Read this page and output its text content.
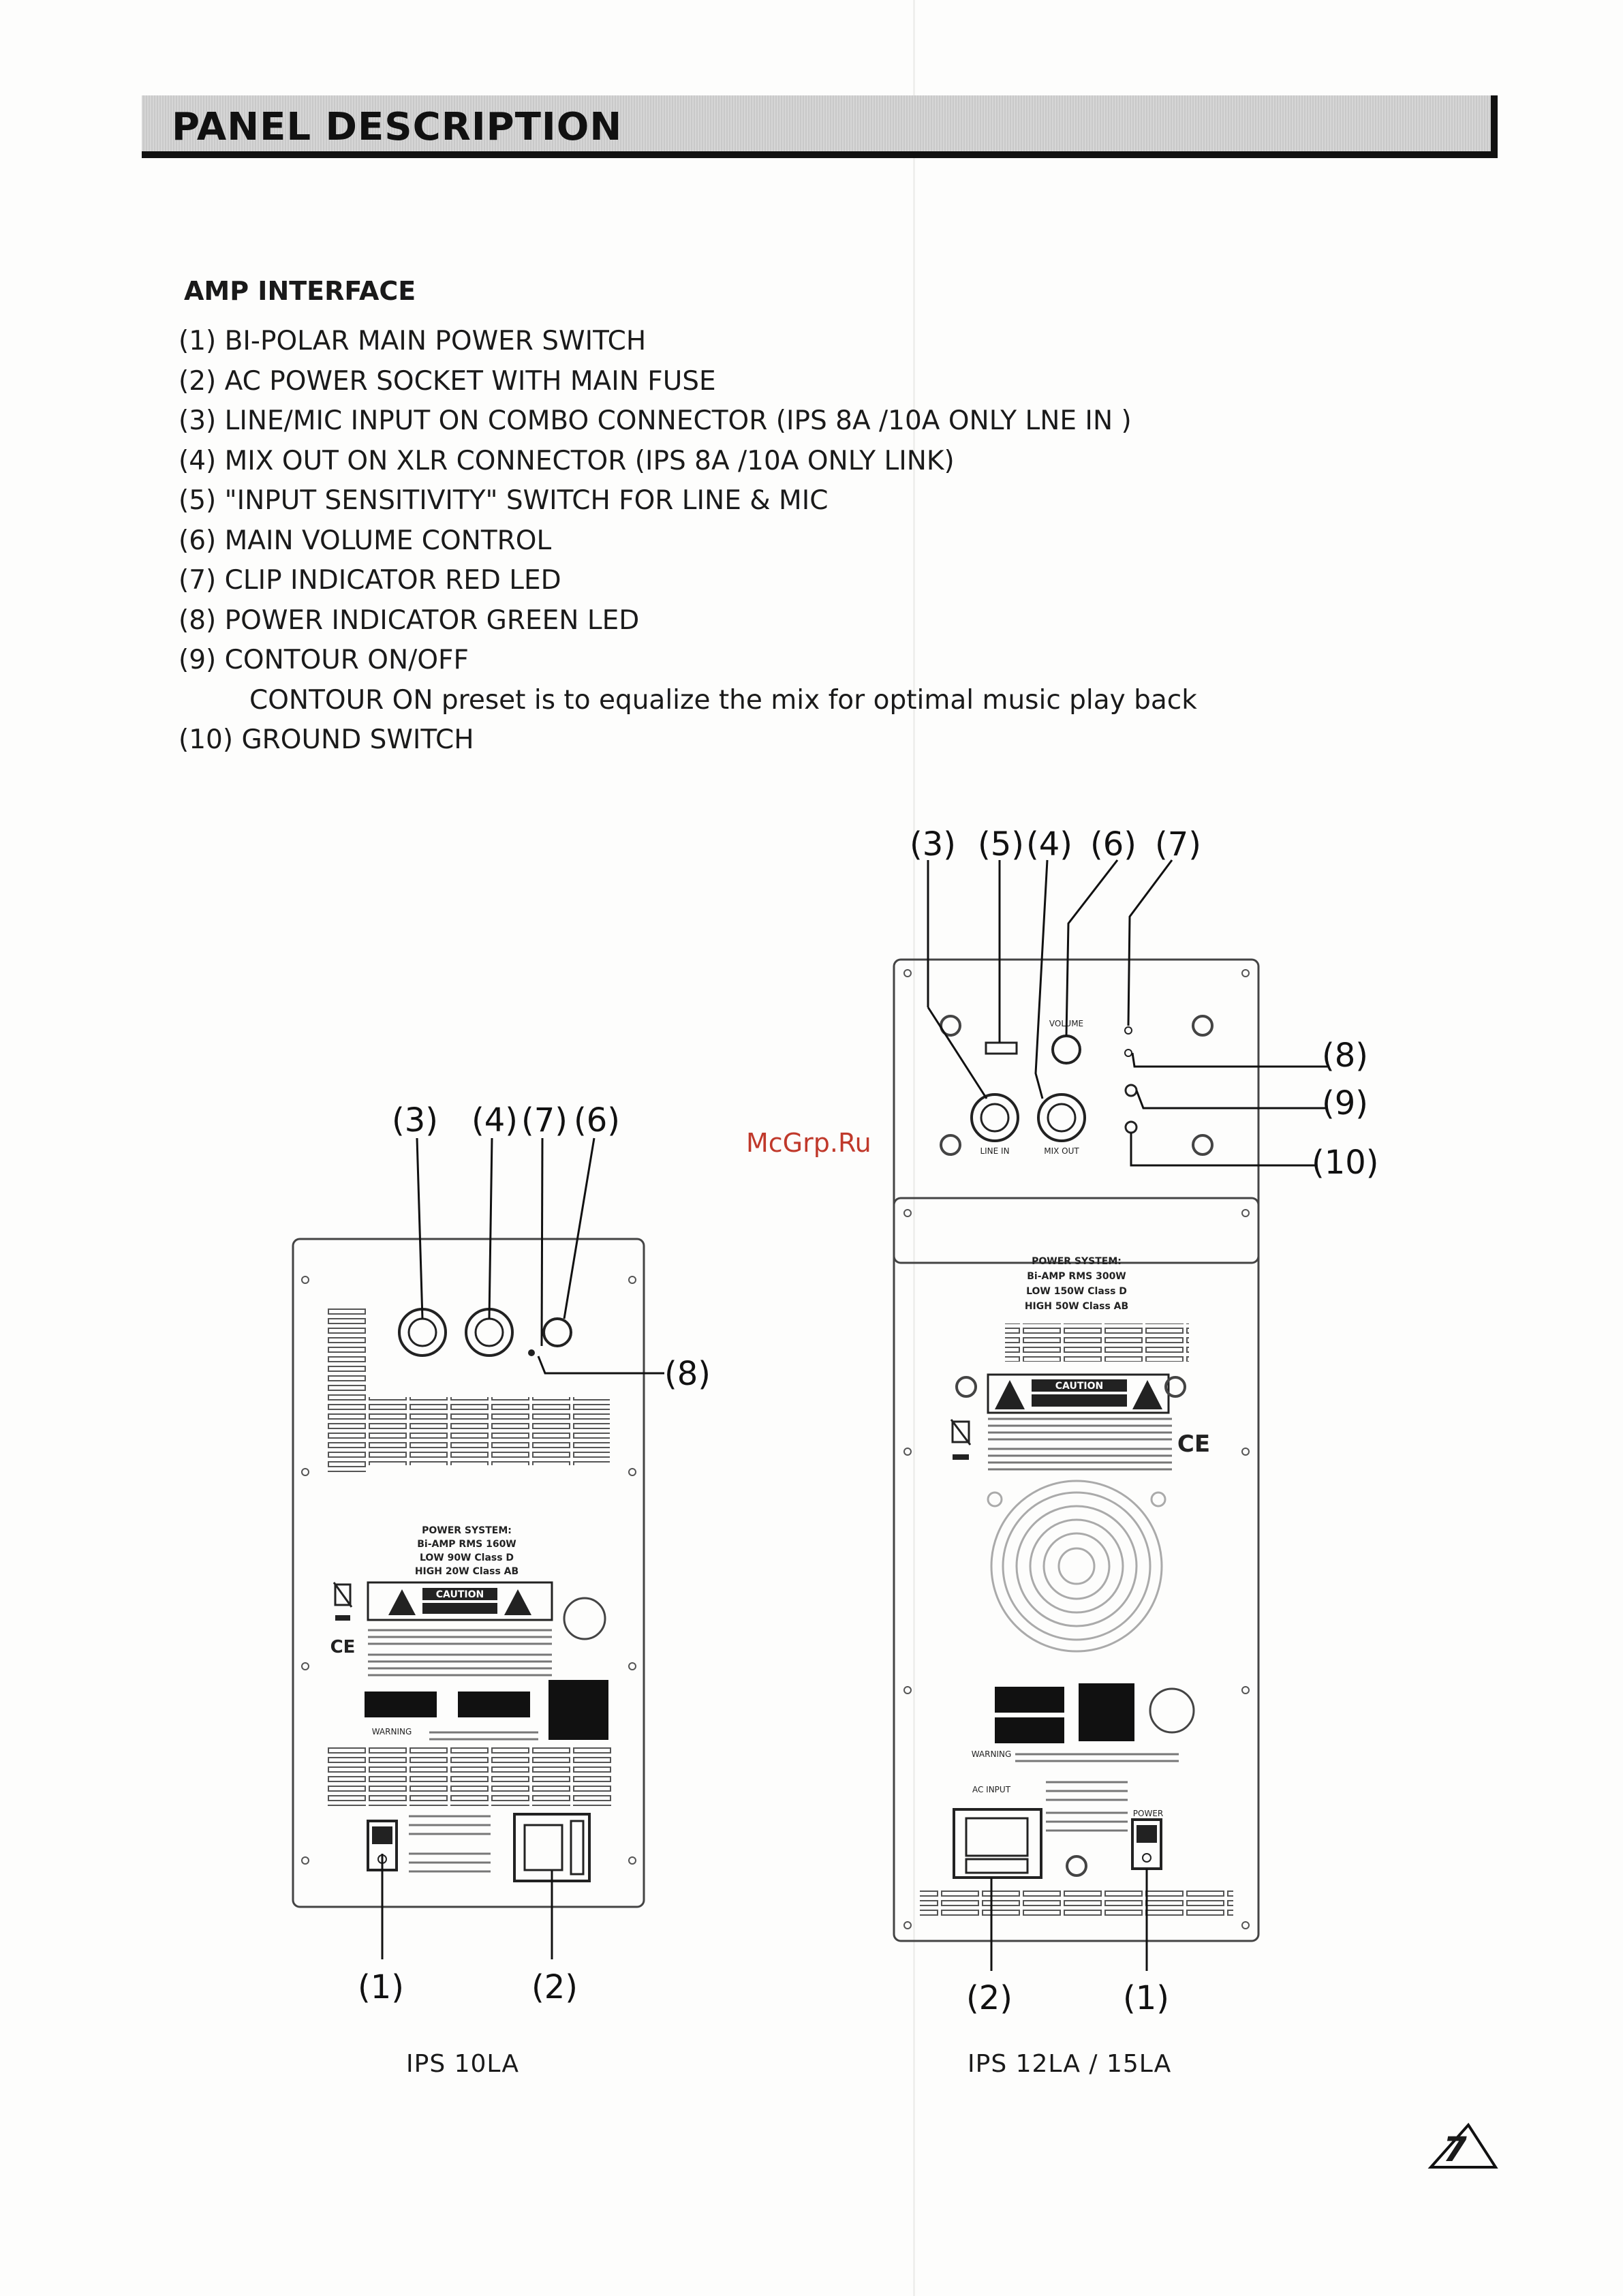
PANEL DESCRIPTION
AMP INTERFACE
(1) BI-POLAR MAIN POWER SWITCH
(2) AC POWER SOCKET WITH MAIN FUSE
(3) LINE/MIC INPUT ON COMBO CONNECTOR (IPS 8A /10A ONLY LNE IN )
(4) MIX OUT ON XLR CONNECTOR (IPS 8A /10A ONLY LINK)
(5) "INPUT SENSITIVITY" SWITCH FOR LINE & MIC
(6) MAIN VOLUME CONTROL
(7) CLIP INDICATOR RED LED
(8) POWER INDICATOR GREEN LED
(9) CONTOUR ON/OFF
CONTOUR ON preset is to equalize the mix for optimal music play back
(10) GROUND SWITCH
McGrp.Ru
POWER SYSTEM:
Bi-AMP RMS 160W
LOW 90W Class D
HIGH 20W Class AB
CAUTION
CE
WARNING
(3) (4) (7) (6)
(8)
(1)	(2)
LINE IN	MIX OUT
VOLUME
POWER SYSTEM:
Bi-AMP RMS 300W
LOW 150W Class D
HIGH 50W Class AB
CAUTION
CE
WARNING
AC INPUT
POWER
(3) (5) (4) (6) (7)
(8)
(9)
(10)
(2)	(1)
IPS 10LA	IPS 12LA / 15LA
7
